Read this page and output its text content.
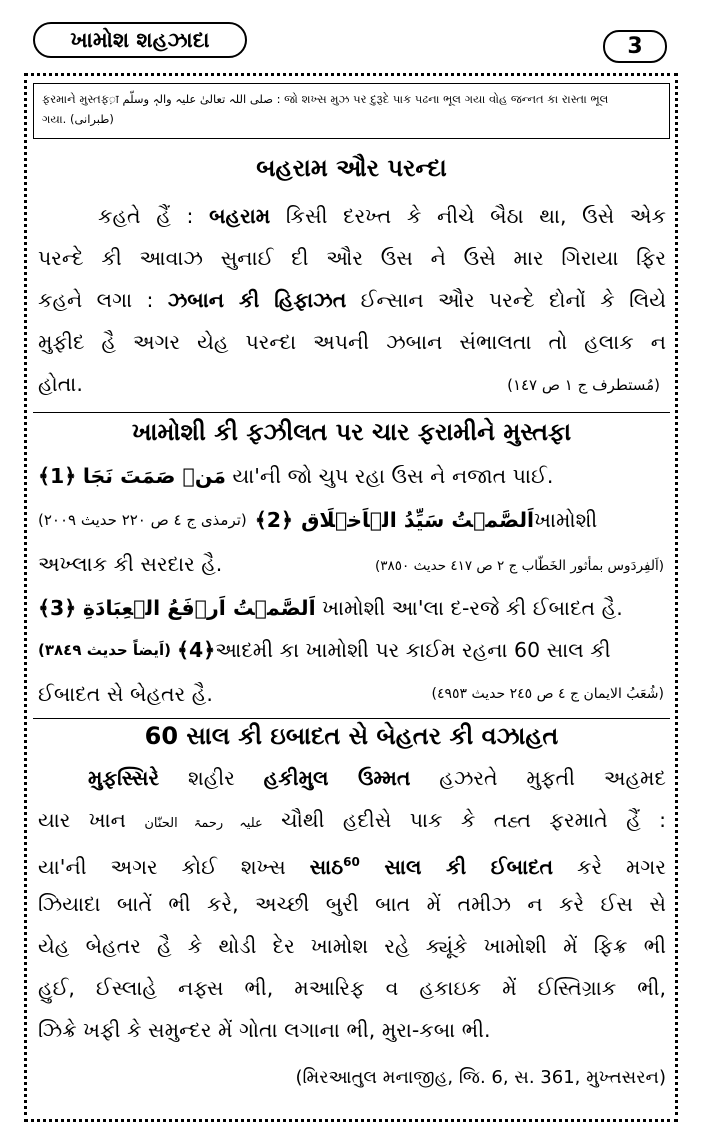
ખામોશ શહઝાદા	3
ફરમાને મુસ્તફ़ा صلی اللہ تعالیٰ علیہ والہٖ وسلّم : જો શખ્સ મુઝ પર દુરૂદે પાક પઢના ભૂલ ગયા વોહ જન્નત કા રાસ્તા ભૂલ
ગયા. (طبرانی)
બહરામ ઔર પરન્દા
કહતે હૈં : બહરામ કિસી દરખ્ત કે નીચે બૈઠા થા, ઉસે એક
પરન્દે કી આવાઝ સુનાઈ દી ઔર ઉસ ને ઉસે માર ગિરાયા ફિર
કહને લગા : ઝબાન કી હિફાઝત ઈન્સાન ઔર પરન્દે દોનોં કે લિયે
મુફીદ હૈ અગર યેહ પરન્દા અપની ઝબાન સંભાલતા તો હલાક ન
હોતા.	(مُستطرف ج ١ ص ١٤٧)
ખામોશી કી ફઝીલત પર ચાર ફરામીને મુસ્તફા
﴾1﴿ مَنۡ صَمَتَ نَجَا યા'ની જો ચુપ રહા ઉસ ને નજાત પાઈ.
(ترمذی ج ٤ ص ٢٢٠ حدیث ٢٠٠٩) ﴾2﴿ اَلصَّمۡتُ سَیِّدُ الۡاَخۡلَاق ખામોશી
અખ્લાક કી સરદાર હૈ.	(اَلفِردَوس بمأثور الخَطّاب ج ٢ ص ٤١٧ حدیث ٣٨٥٠)
﴾3﴿ اَلصَّمۡتُ اَرۡفَعُ الۡعِبَادَةِ ખામોશી આ'લા દ-રજે કી ઈબાદત હૈ.
(اَیضاً حدیث ٣٨٤٩) ﴾4﴿ આદમી કા ખામોશી પર કાઈમ રહના 60 સાલ કી
ઈબાદત સે બેહતર હૈ.	(شُعَبُ الایمان ج ٤ ص ٢٤٥ حدیث ٤٩٥٣)
60 સાલ કી ઇબાદત સે બેહતર કી વઝાહત
મુફસ્સિરે શહીર હકીમુલ ઉમ્મત હઝરતે મુફતી અહમદ
યાર ખાન علیہ رحمۃ الحنّان ચૌથી હદીસે પાક કે તહ્ત ફરમાતે હૈં :
યા'ની અગર કોઈ શખ્સ સાઠ$^{60}$ સાલ કી ઈબાદત કરે મગર
ઝિયાદા બાતેં ભી કરે, અચ્છી બુરી બાત મેં તમીઝ ન કરે ઈસ સે
યેહ બેહતર હૈ કે થોડી દેર ખામોશ રહે ક્યૂંકે ખામોશી મેં ફિક્ર ભી
હુઈ, ઈસ્લાહે નફ્સ ભી, મઆરિફ વ હકાઇક મેં ઈસ્તિગ્રાક ભી,
ઝિક્રે ખફી કે સમુન્દર મેં ગોતા લગાના ભી, મુરા-કબા ભી.
(મિરઆતુલ મનાજીહ, જિ. 6, સ. 361, મુખ્તસરન)
